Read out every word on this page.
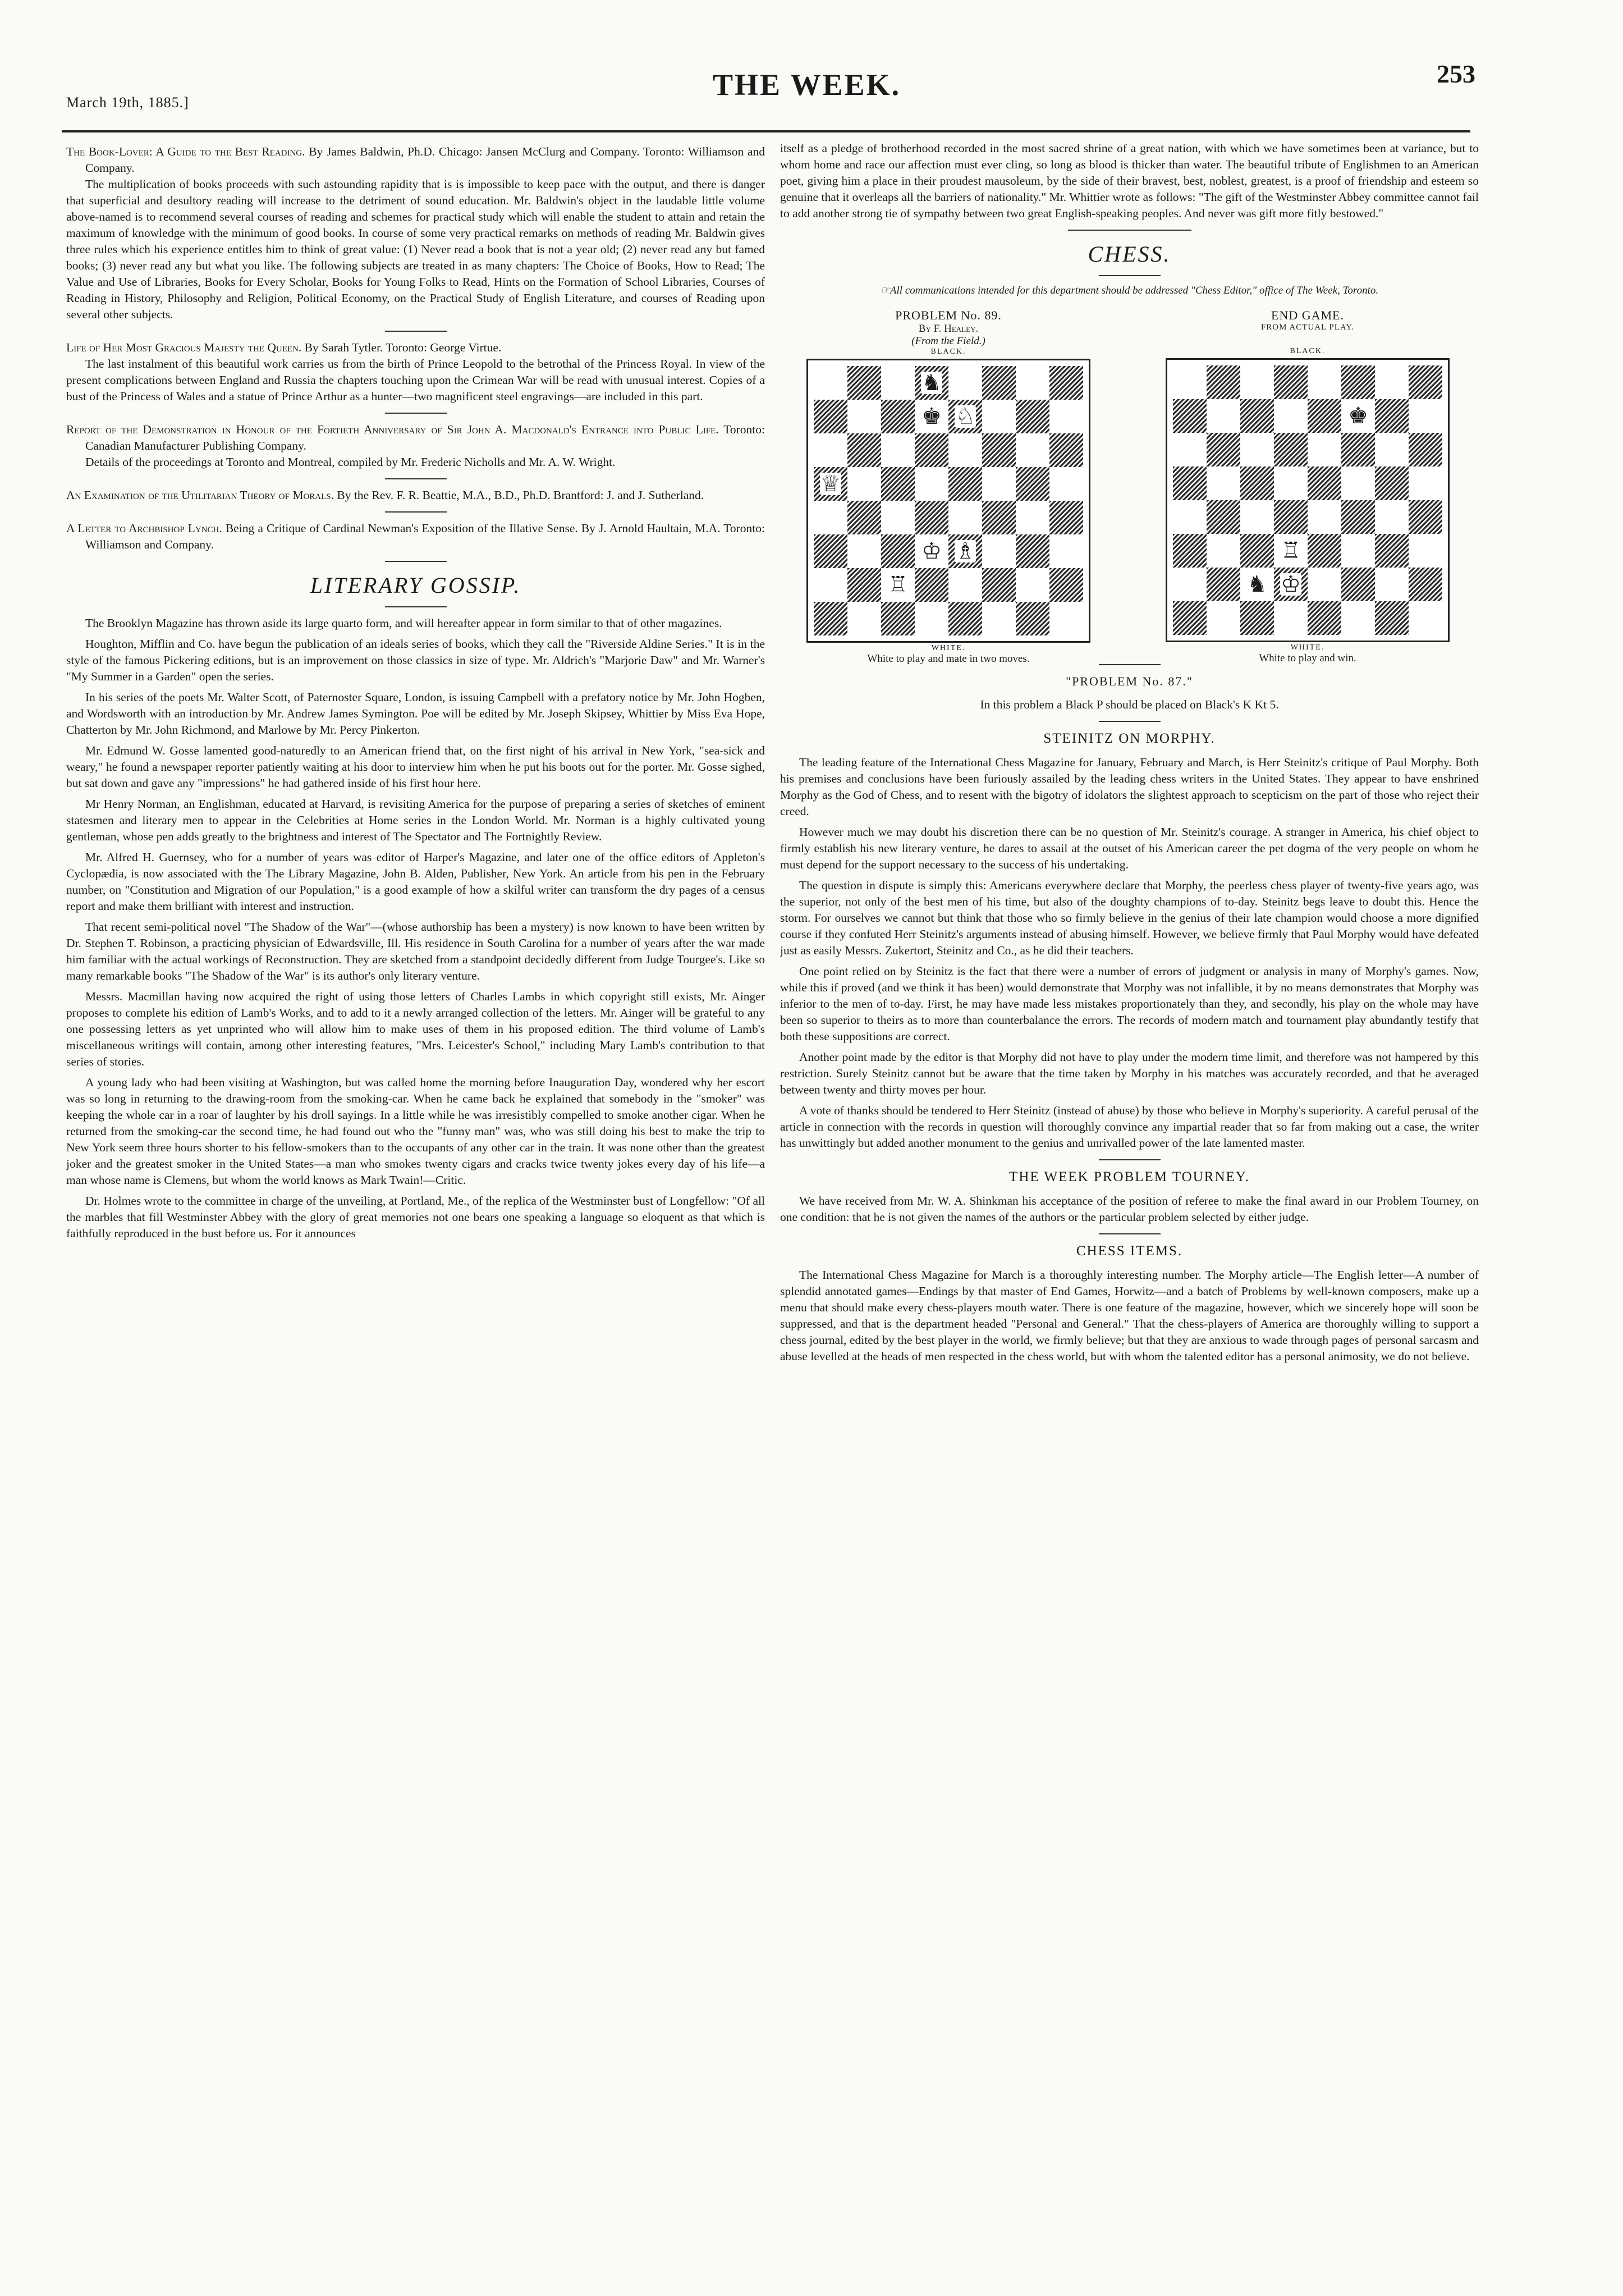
March 19th, 1885.]
THE WEEK.	253
The Book-Lover: A Guide to the Best Reading. By James Baldwin, Ph.D. Chicago: Jansen McClurg and Company. Toronto: Williamson and Company.

The multiplication of books proceeds with such astounding rapidity that is is impossible to keep pace with the output, and there is danger that superficial and desultory reading will increase to the detriment of sound education. Mr. Baldwin's object in the laudable little volume above-named is to recommend several courses of reading and schemes for practical study which will enable the student to attain and retain the maximum of knowledge with the minimum of good books. In course of some very practical remarks on methods of reading Mr. Baldwin gives three rules which his experience entitles him to think of great value: (1) Never read a book that is not a year old; (2) never read any but famed books; (3) never read any but what you like. The following subjects are treated in as many chapters: The Choice of Books, How to Read; The Value and Use of Libraries, Books for Every Scholar, Books for Young Folks to Read, Hints on the Formation of School Libraries, Courses of Reading in History, Philosophy and Religion, Political Economy, on the Practical Study of English Literature, and courses of Reading upon several other subjects.

Life of Her Most Gracious Majesty the Queen. By Sarah Tytler. Toronto: George Virtue.

The last instalment of this beautiful work carries us from the birth of Prince Leopold to the betrothal of the Princess Royal. In view of the present complications between England and Russia the chapters touching upon the Crimean War will be read with unusual interest. Copies of a bust of the Princess of Wales and a statue of Prince Arthur as a hunter—two magnificent steel engravings—are included in this part.

Report of the Demonstration in Honour of the Fortieth Anniversary of Sir John A. Macdonald's Entrance into Public Life. Toronto: Canadian Manufacturer Publishing Company.

Details of the proceedings at Toronto and Montreal, compiled by Mr. Frederic Nicholls and Mr. A. W. Wright.

An Examination of the Utilitarian Theory of Morals. By the Rev. F. R. Beattie, M.A., B.D., Ph.D. Brantford: J. and J. Sutherland.
A Letter to Archbishop Lynch. Being a Critique of Cardinal Newman's Exposition of the Illative Sense. By J. Arnold Haultain, M.A. Toronto: Williamson and Company.
LITERARY GOSSIP.

The Brooklyn Magazine has thrown aside its large quarto form, and will hereafter appear in form similar to that of other magazines.

Houghton, Mifflin and Co. have begun the publication of an ideals series of books, which they call the "Riverside Aldine Series." It is in the style of the famous Pickering editions, but is an improvement on those classics in size of type. Mr. Aldrich's "Marjorie Daw" and Mr. Warner's "My Summer in a Garden" open the series.

In his series of the poets Mr. Walter Scott, of Paternoster Square, London, is issuing Campbell with a prefatory notice by Mr. John Hogben, and Wordsworth with an introduction by Mr. Andrew James Symington. Poe will be edited by Mr. Joseph Skipsey, Whittier by Miss Eva Hope, Chatterton by Mr. John Richmond, and Marlowe by Mr. Percy Pinkerton.

Mr. Edmund W. Gosse lamented good-naturedly to an American friend that, on the first night of his arrival in New York, "sea-sick and weary," he found a newspaper reporter patiently waiting at his door to interview him when he put his boots out for the porter. Mr. Gosse sighed, but sat down and gave any "impressions" he had gathered inside of his first hour here.

Mr Henry Norman, an Englishman, educated at Harvard, is revisiting America for the purpose of preparing a series of sketches of eminent statesmen and literary men to appear in the Celebrities at Home series in the London World. Mr. Norman is a highly cultivated young gentleman, whose pen adds greatly to the brightness and interest of The Spectator and The Fortnightly Review.

Mr. Alfred H. Guernsey, who for a number of years was editor of Harper's Magazine, and later one of the office editors of Appleton's Cyclopædia, is now associated with the The Library Magazine, John B. Alden, Publisher, New York. An article from his pen in the February number, on "Constitution and Migration of our Population," is a good example of how a skilful writer can transform the dry pages of a census report and make them brilliant with interest and instruction.

That recent semi-political novel "The Shadow of the War"—(whose authorship has been a mystery) is now known to have been written by Dr. Stephen T. Robinson, a practicing physician of Edwardsville, Ill. His residence in South Carolina for a number of years after the war made him familiar with the actual workings of Reconstruction. They are sketched from a standpoint decidedly different from Judge Tourgee's. Like so many remarkable books "The Shadow of the War" is its author's only literary venture.

Messrs. Macmillan having now acquired the right of using those letters of Charles Lambs in which copyright still exists, Mr. Ainger proposes to complete his edition of Lamb's Works, and to add to it a newly arranged collection of the letters. Mr. Ainger will be grateful to any one possessing letters as yet unprinted who will allow him to make uses of them in his proposed edition. The third volume of Lamb's miscellaneous writings will contain, among other interesting features, "Mrs. Leicester's School," including Mary Lamb's contribution to that series of stories.

A young lady who had been visiting at Washington, but was called home the morning before Inauguration Day, wondered why her escort was so long in returning to the drawing-room from the smoking-car. When he came back he explained that somebody in the "smoker" was keeping the whole car in a roar of laughter by his droll sayings. In a little while he was irresistibly compelled to smoke another cigar. When he returned from the smoking-car the second time, he had found out who the "funny man" was, who was still doing his best to make the trip to New York seem three hours shorter to his fellow-smokers than to the occupants of any other car in the train. It was none other than the greatest joker and the greatest smoker in the United States—a man who smokes twenty cigars and cracks twice twenty jokes every day of his life—a man whose name is Clemens, but whom the world knows as Mark Twain!—Critic.

Dr. Holmes wrote to the committee in charge of the unveiling, at Portland, Me., of the replica of the Westminster bust of Longfellow: "Of all the marbles that fill Westminster Abbey with the glory of great memories not one bears one speaking a language so eloquent as that which is faithfully reproduced in the bust before us. For it announces

itself as a pledge of brotherhood recorded in the most sacred shrine of a great nation, with which we have sometimes been at variance, but to whom home and race our affection must ever cling, so long as blood is thicker than water. The beautiful tribute of Englishmen to an American poet, giving him a place in their proudest mausoleum, by the side of their bravest, best, noblest, greatest, is a proof of friendship and esteem so genuine that it overleaps all the barriers of nationality." Mr. Whittier wrote as follows: "The gift of the Westminster Abbey committee cannot fail to add another strong tie of sympathy between two great English-speaking peoples. And never was gift more fitly bestowed."

CHESS.
☞All communications intended for this department should be addressed "Chess Editor," office of The Week, Toronto.
PROBLEM No. 89.
By F. Healey.
(From the Field.)
BLACK.
♞
♚ ♘
♕
♔ ♗
♖
WHITE.
White to play and mate in two moves.
END GAME.
FROM ACTUAL PLAY.
BLACK.
♚
♖
♞ ♔
WHITE.
White to play and win.
"PROBLEM No. 87."
In this problem a Black P should be placed on Black's K Kt 5.
STEINITZ ON MORPHY.

The leading feature of the International Chess Magazine for January, February and March, is Herr Steinitz's critique of Paul Morphy. Both his premises and conclusions have been furiously assailed by the leading chess writers in the United States. They appear to have enshrined Morphy as the God of Chess, and to resent with the bigotry of idolators the slightest approach to scepticism on the part of those who reject their creed.

However much we may doubt his discretion there can be no question of Mr. Steinitz's courage. A stranger in America, his chief object to firmly establish his new literary venture, he dares to assail at the outset of his American career the pet dogma of the very people on whom he must depend for the support necessary to the success of his undertaking.

The question in dispute is simply this: Americans everywhere declare that Morphy, the peerless chess player of twenty-five years ago, was the superior, not only of the best men of his time, but also of the doughty champions of to-day. Steinitz begs leave to doubt this. Hence the storm. For ourselves we cannot but think that those who so firmly believe in the genius of their late champion would choose a more dignified course if they confuted Herr Steinitz's arguments instead of abusing himself. However, we believe firmly that Paul Morphy would have defeated just as easily Messrs. Zukertort, Steinitz and Co., as he did their teachers.

One point relied on by Steinitz is the fact that there were a number of errors of judgment or analysis in many of Morphy's games. Now, while this if proved (and we think it has been) would demonstrate that Morphy was not infallible, it by no means demonstrates that Morphy was inferior to the men of to-day. First, he may have made less mistakes proportionately than they, and secondly, his play on the whole may have been so superior to theirs as to more than counterbalance the errors. The records of modern match and tournament play abundantly testify that both these suppositions are correct.

Another point made by the editor is that Morphy did not have to play under the modern time limit, and therefore was not hampered by this restriction. Surely Steinitz cannot but be aware that the time taken by Morphy in his matches was accurately recorded, and that he averaged between twenty and thirty moves per hour.

A vote of thanks should be tendered to Herr Steinitz (instead of abuse) by those who believe in Morphy's superiority. A careful perusal of the article in connection with the records in question will thoroughly convince any impartial reader that so far from making out a case, the writer has unwittingly but added another monument to the genius and unrivalled power of the late lamented master.

THE WEEK PROBLEM TOURNEY.

We have received from Mr. W. A. Shinkman his acceptance of the position of referee to make the final award in our Problem Tourney, on one condition: that he is not given the names of the authors or the particular problem selected by either judge.

CHESS ITEMS.

The International Chess Magazine for March is a thoroughly interesting number. The Morphy article—The English letter—A number of splendid annotated games—Endings by that master of End Games, Horwitz—and a batch of Problems by well-known composers, make up a menu that should make every chess-players mouth water. There is one feature of the magazine, however, which we sincerely hope will soon be suppressed, and that is the department headed "Personal and General." That the chess-players of America are thoroughly willing to support a chess journal, edited by the best player in the world, we firmly believe; but that they are anxious to wade through pages of personal sarcasm and abuse levelled at the heads of men respected in the chess world, but with whom the talented editor has a personal animosity, we do not believe.
